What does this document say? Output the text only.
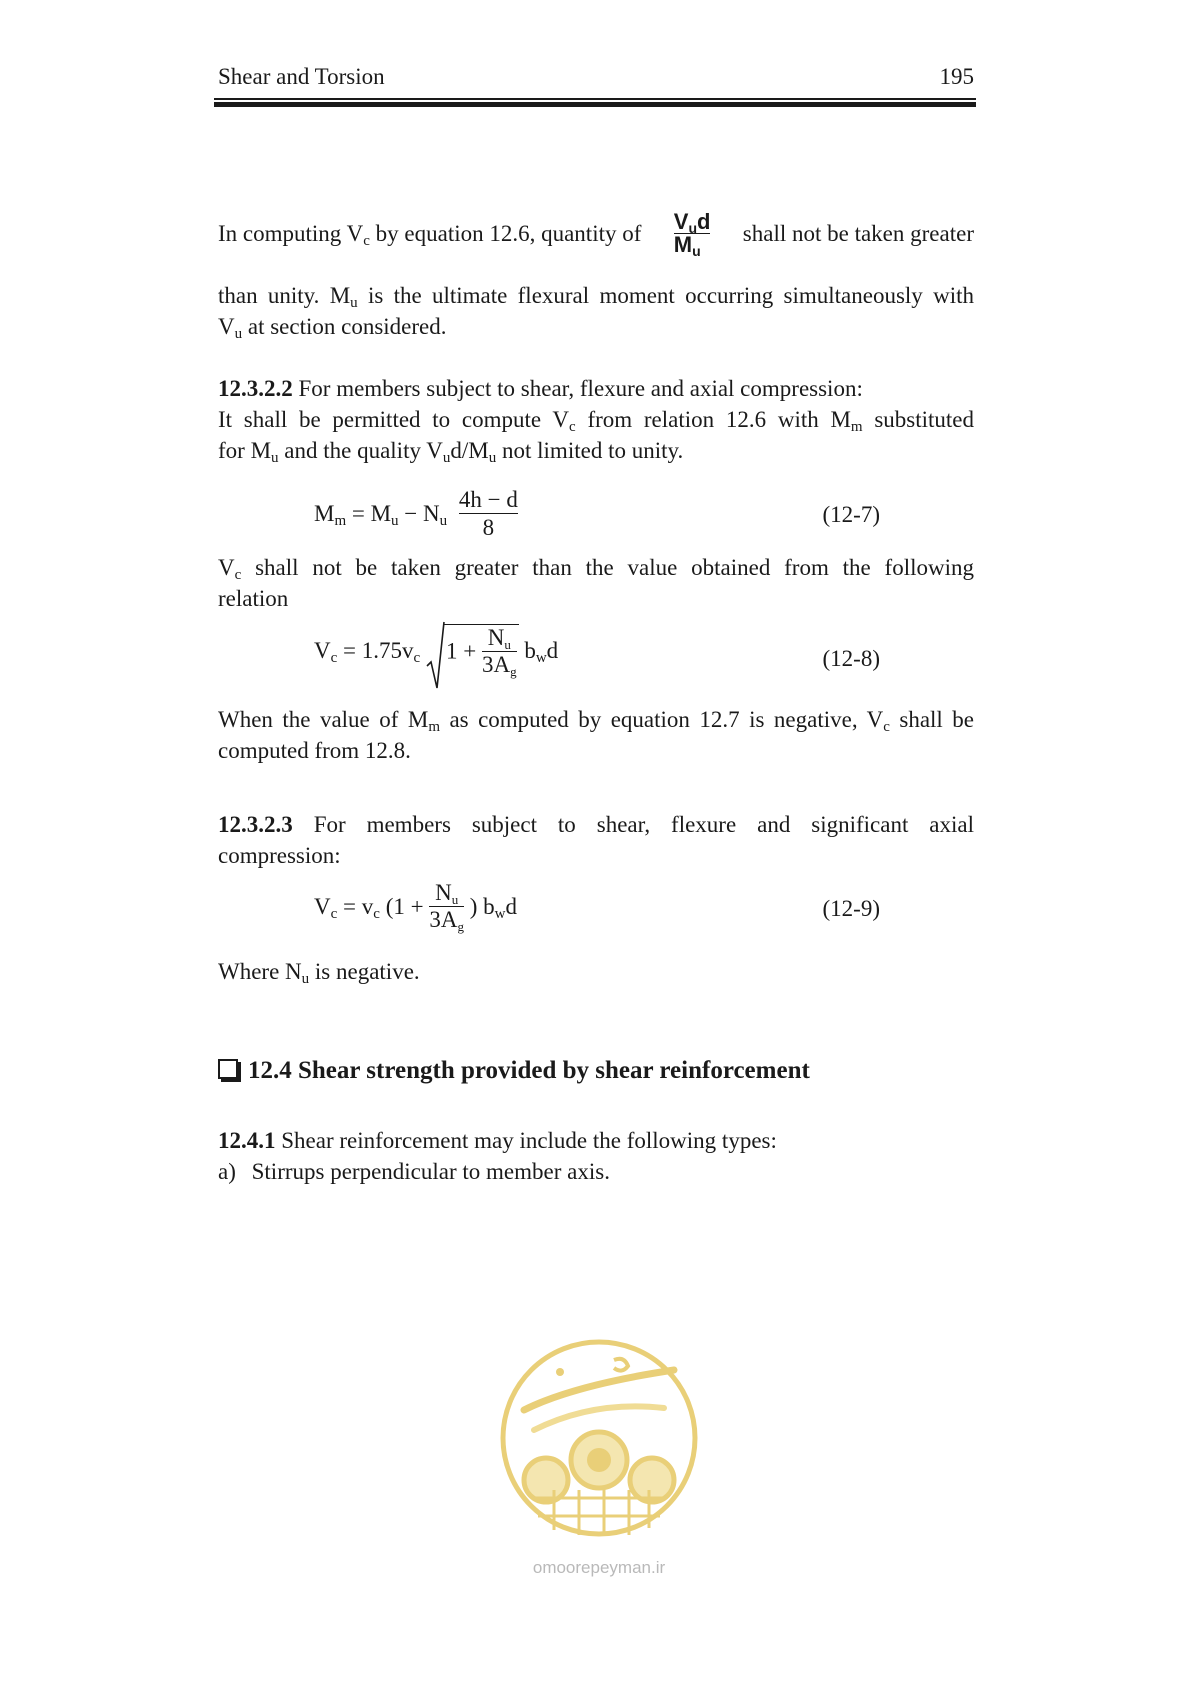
Shear and Torsion	195
In computing $V_c$ by equation 12.6, quantity of $\frac{V_ud}{M_u}$ shall not be taken greater
than unity. $M_u$ is the ultimate flexural moment occurring simultaneously with
$V_u$ at section considered.
12.3.2.2 For members subject to shear, flexure and axial compression:
It shall be permitted to compute $V_c$ from relation 12.6 with $M_m$ substituted
for $M_u$ and the quality $V_ud/M_u$ not limited to unity.
$M_m = M_u - N_u \frac{4h - d}{8}$	(12-7)
$V_c$ shall not be taken greater than the value obtained from the following
relation
$V_c = 1.75v_c$ $1 + \frac{N_u}{3A_g} b_wd$	(12-8)
When the value of $M_m$ as computed by equation 12.7 is negative, $V_c$ shall be
computed from 12.8.
12.3.2.3 For members subject to shear, flexure and significant axial
compression:
$V_c = v_c$ ($1 + \frac{N_u}{3A_g}$ ) $b_wd$	(12-9)
Where $N_u$ is negative.
12.4 Shear strength provided by shear reinforcement
12.4.1 Shear reinforcement may include the following types:
a) Stirrups perpendicular to member axis.
omoorepeyman.ir
